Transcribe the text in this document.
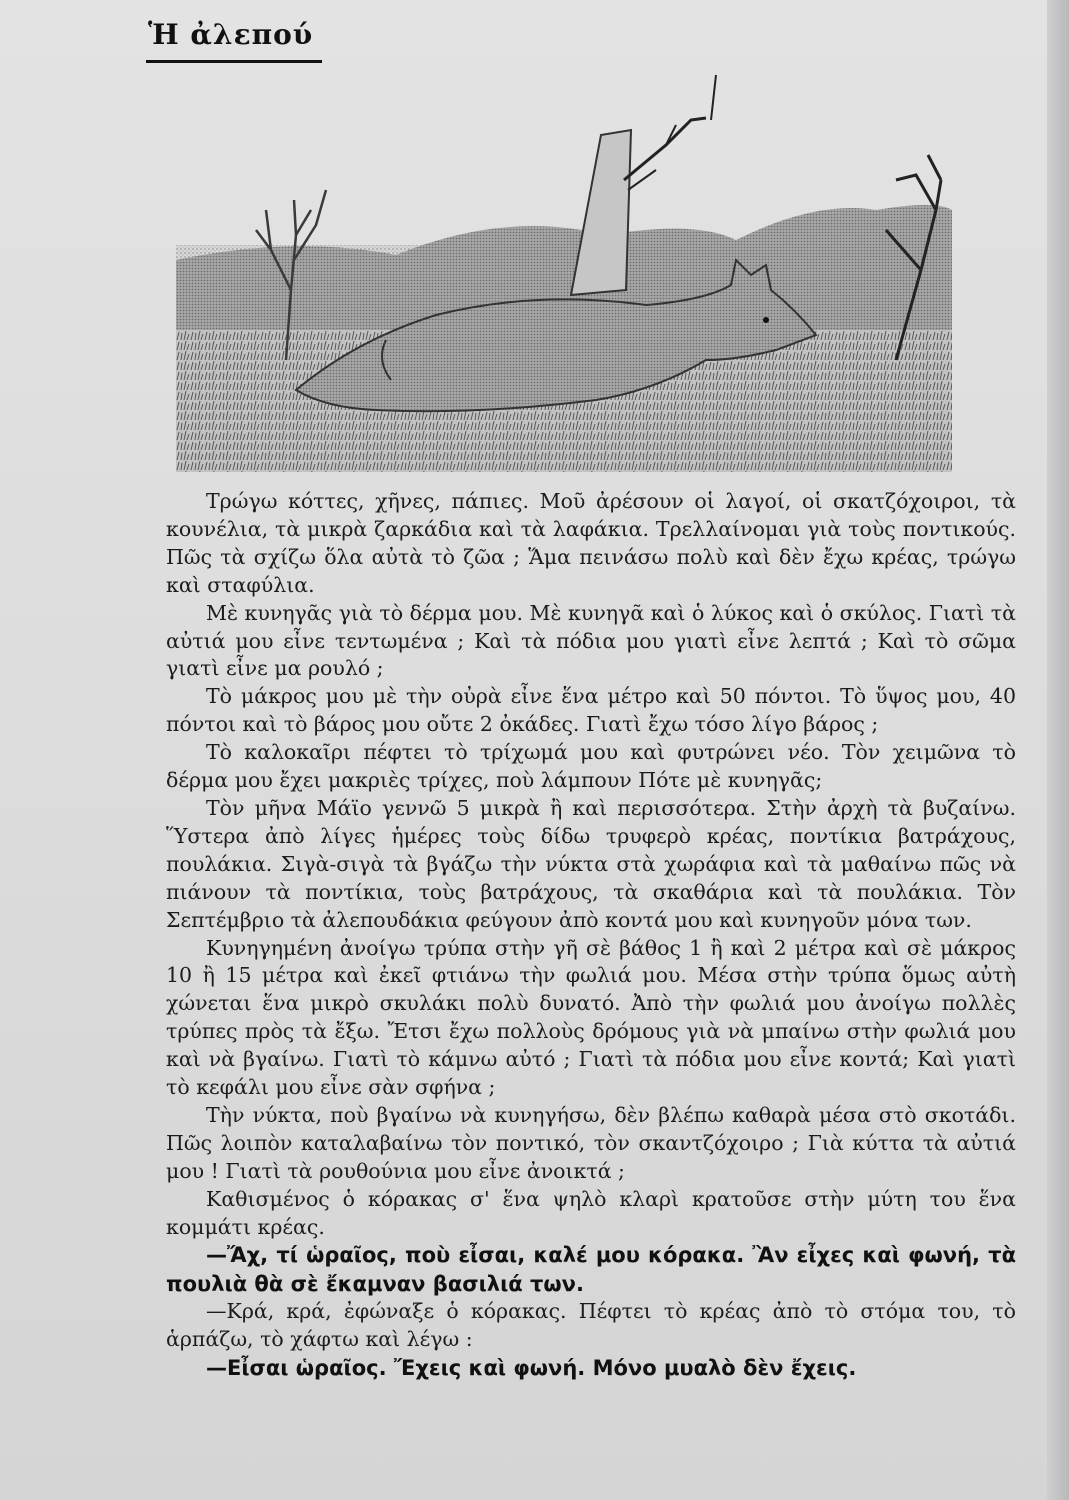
Ἡ ἀλεπού

Τρώγω κόττες, χῆνες, πάπιες. Μοῦ ἀρέσουν οἱ λαγοί, οἱ σκατζόχοιροι, τὰ κουνέλια, τὰ μικρὰ ζαρκάδια καὶ τὰ λαφάκια. Τρελλαίνομαι γιὰ τοὺς ποντικούς. Πῶς τὰ σχίζω ὅλα αὐτὰ τὸ ζῶα ; Ἅμα πεινάσω πολὺ καὶ δὲν ἔχω κρέας, τρώγω καὶ σταφύλια.

Μὲ κυνηγᾶς γιὰ τὸ δέρμα μου. Μὲ κυνηγᾶ καὶ ὁ λύκος καὶ ὁ σκύλος. Γιατὶ τὰ αὐτιά μου εἶνε τεντωμένα ; Καὶ τὰ πόδια μου γιατὶ εἶνε λεπτά ; Καὶ τὸ σῶμα γιατὶ εἶνε μα ρουλό ;

Τὸ μάκρος μου μὲ τὴν οὐρὰ εἶνε ἕνα μέτρο καὶ 50 πόντοι. Τὸ ὕψος μου, 40 πόντοι καὶ τὸ βάρος μου οὔτε 2 ὀκάδες. Γιατὶ ἔχω τόσο λίγο βάρος ;

Τὸ καλοκαῖρι πέφτει τὸ τρίχωμά μου καὶ φυτρώνει νέο. Τὸν χειμῶνα τὸ δέρμα μου ἔχει μακριὲς τρίχες, ποὺ λάμπουν Πότε μὲ κυνηγᾶς;

Τὸν μῆνα Μάϊο γεννῶ 5 μικρὰ ἢ καὶ περισσότερα. Στὴν ἀρχὴ τὰ βυζαίνω. Ὕστερα ἀπὸ λίγες ἡμέρες τοὺς δίδω τρυφερὸ κρέας, ποντίκια βατράχους, πουλάκια. Σιγὰ-σιγὰ τὰ βγάζω τὴν νύκτα στὰ χωράφια καὶ τὰ μαθαίνω πῶς νὰ πιάνουν τὰ ποντίκια, τοὺς βατράχους, τὰ σκαθάρια καὶ τὰ πουλάκια. Τὸν Σεπτέμβριο τὰ ἀλεπουδάκια φεύγουν ἀπὸ κοντά μου καὶ κυνηγοῦν μόνα των.

Κυνηγημένη ἀνοίγω τρύπα στὴν γῆ σὲ βάθος 1 ἢ καὶ 2 μέτρα καὶ σὲ μάκρος 10 ἢ 15 μέτρα καὶ ἐκεῖ φτιάνω τὴν φωλιά μου. Μέσα στὴν τρύπα ὅμως αὐτὴ χώνεται ἕνα μικρὸ σκυλάκι πολὺ δυνατό. Ἀπὸ τὴν φωλιά μου ἀνοίγω πολλὲς τρύπες πρὸς τὰ ἔξω. Ἔτσι ἔχω πολλοὺς δρόμους γιὰ νὰ μπαίνω στὴν φωλιά μου καὶ νὰ βγαίνω. Γιατὶ τὸ κάμνω αὐτό ; Γιατὶ τὰ πόδια μου εἶνε κοντά; Καὶ γιατὶ τὸ κεφάλι μου εἶνε σὰν σφήνα ;

Τὴν νύκτα, ποὺ βγαίνω νὰ κυνηγήσω, δὲν βλέπω καθαρὰ μέσα στὸ σκοτάδι. Πῶς λοιπὸν καταλαβαίνω τὸν ποντικό, τὸν σκαντζόχοιρο ; Γιὰ κύττα τὰ αὐτιά μου ! Γιατὶ τὰ ρουθούνια μου εἶνε ἀνοικτά ;

Καθισμένος ὁ κόρακας σ' ἕνα ψηλὸ κλαρὶ κρατοῦσε στὴν μύτη του ἕνα κομμάτι κρέας.

—Ἄχ, τί ὡραῖος, ποὺ εἶσαι, καλέ μου κόρακα. Ἂν εἶχες καὶ φωνή, τὰ πουλιὰ θὰ σὲ ἔκαμναν βασιλιά των.

—Κρά, κρά, ἐφώναξε ὁ κόρακας. Πέφτει τὸ κρέας ἀπὸ τὸ στόμα του, τὸ ἁρπάζω, τὸ χάφτω καὶ λέγω :

—Εἶσαι ὡραῖος. Ἔχεις καὶ φωνή. Μόνο μυαλὸ δὲν ἔχεις.
